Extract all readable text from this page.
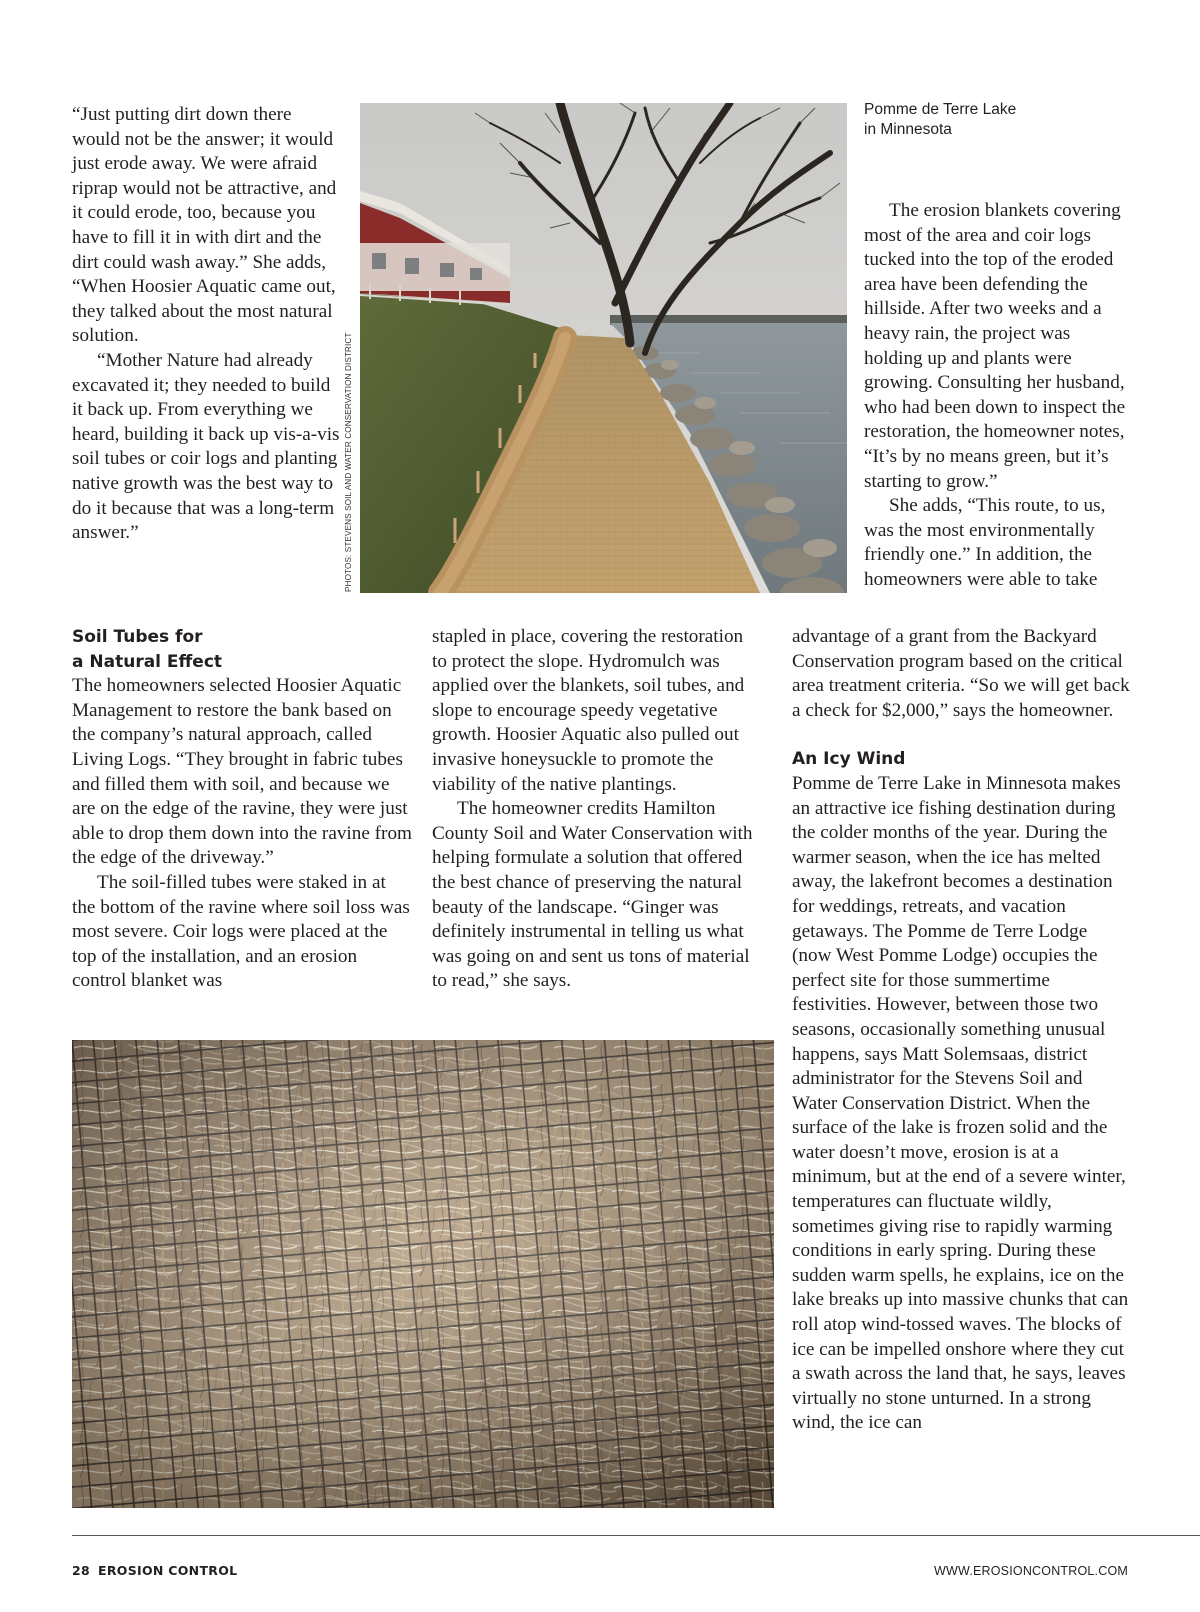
“Just putting dirt down there would not be the answer; it would just erode away. We were afraid riprap would not be attractive, and it could erode, too, because you have to fill it in with dirt and the dirt could wash away.” She adds, “When Hoosier Aquatic came out, they talked about the most natural solution.

“Mother Nature had already excavated it; they needed to build it back up. From everything we heard, building it back up vis-a-vis soil tubes or coir logs and planting native growth was the best way to do it because that was a long-term answer.”	PHOTOS: STEVENS SOIL AND WATER CONSERVATION DISTRICT
Pomme de Terre Lake
in Minnesota

The erosion blankets covering most of the area and coir logs tucked into the top of the eroded area have been defending the hillside. After two weeks and a heavy rain, the project was holding up and plants were growing. Consulting her husband, who had been down to inspect the restoration, the homeowner notes, “It’s by no means green, but it’s starting to grow.”

She adds, “This route, to us, was the most environmentally friendly one.” In addition, the homeowners were able to take

Soil Tubes for
a Natural Effect

The homeowners selected Hoosier Aquatic Management to restore the bank based on the company’s natural approach, called Living Logs. “They brought in fabric tubes and filled them with soil, and because we are on the edge of the ravine, they were just able to drop them down into the ravine from the edge of the driveway.”

The soil-filled tubes were staked in at the bottom of the ravine where soil loss was most severe. Coir logs were placed at the top of the installation, and an erosion control blanket was

stapled in place, covering the restoration to protect the slope. Hydromulch was applied over the blankets, soil tubes, and slope to encourage speedy vegetative growth. Hoosier Aquatic also pulled out invasive honeysuckle to promote the viability of the native plantings.

The homeowner credits Hamilton County Soil and Water Conservation with helping formulate a solution that offered the best chance of preserving the natural beauty of the landscape. “Ginger was definitely instrumental in telling us what was going on and sent us tons of material to read,” she says.

advantage of a grant from the Backyard Conservation program based on the critical area treatment criteria. “So we will get back a check for $2,000,” says the homeowner.

An Icy Wind

Pomme de Terre Lake in Minnesota makes an attractive ice fishing destination during the colder months of the year. During the warmer season, when the ice has melted away, the lakefront becomes a destination for weddings, retreats, and vacation getaways. The Pomme de Terre Lodge (now West Pomme Lodge) occupies the perfect site for those summertime festivities. However, between those two seasons, occasionally something unusual happens, says Matt Solemsaas, district administrator for the Stevens Soil and Water Conservation District. When the surface of the lake is frozen solid and the water doesn’t move, erosion is at a minimum, but at the end of a severe winter, temperatures can fluctuate wildly, sometimes giving rise to rapidly warming conditions in early spring. During these sudden warm spells, he explains, ice on the lake breaks up into massive chunks that can roll atop wind-tossed waves. The blocks of ice can be impelled onshore where they cut a swath across the land that, he says, leaves virtually no stone unturned. In a strong wind, the ice can

28 EROSION CONTROL	WWW.EROSIONCONTROL.COM
